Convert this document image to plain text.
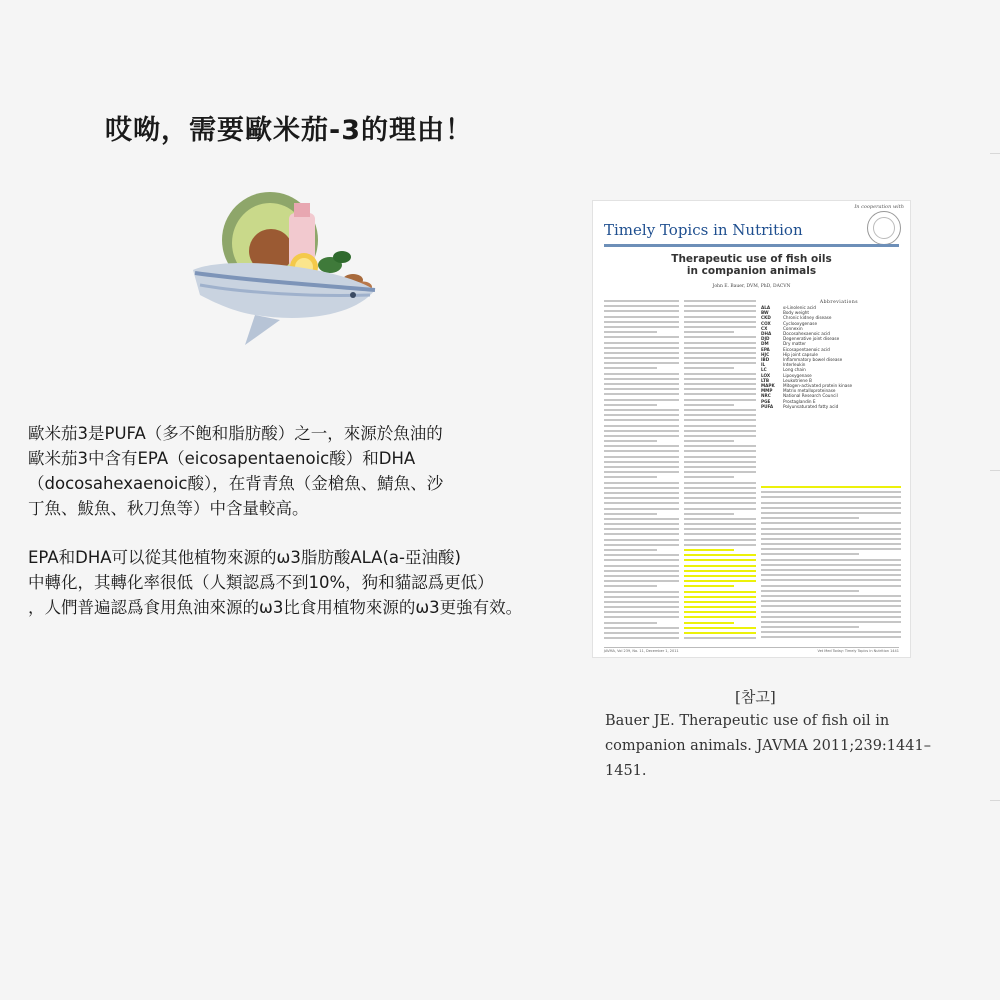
哎呦，需要歐米茄-3的理由！
歐米茄3是PUFA（多不飽和脂肪酸）之一，來源於魚油的
歐米茄3中含有EPA（eicosapentaenoic酸）和DHA
（docosahexaenoic酸），在背青魚（金槍魚、鯖魚、沙
丁魚、鮁魚、秋刀魚等）中含量較高。
EPA和DHA可以從其他植物來源的ω3脂肪酸ALA(a-亞油酸)
中轉化，其轉化率很低（人類認爲不到10%，狗和貓認爲更低）
，人們普遍認爲食用魚油來源的ω3比食用植物來源的ω3更強有效。
In cooperation with
Timely Topics in Nutrition
Therapeutic use of fish oils
in companion animals
John E. Bauer, DVM, PhD, DACVN
Abbreviations
ALA	α-Linolenic acid
BW	Body weight
CKD	Chronic kidney disease
COX	Cyclooxygenase
CX	Connexin
DHA	Docosahexaenoic acid
DJD	Degenerative joint disease
DM	Dry matter
EPA	Eicosapentaenoic acid
HJC	Hip joint capsule
IBD	Inflammatory bowel disease
IL	Interleukin
LC	Long chain
LOX	Lipoxygenase
LTB	Leukotriene B
MAPK	Mitogen-activated protein kinase
MMP	Matrix metalloproteinase
NRC	National Research Council
PGE	Prostaglandin E
PUFA	Polyunsaturated fatty acid
JAVMA, Vol 239, No. 11, December 1, 2011	Vet Med Today: Timely Topics in Nutrition 1441
[참고]
Bauer JE. Therapeutic use of fish oil in
companion animals. JAVMA 2011;239:1441–1451.
